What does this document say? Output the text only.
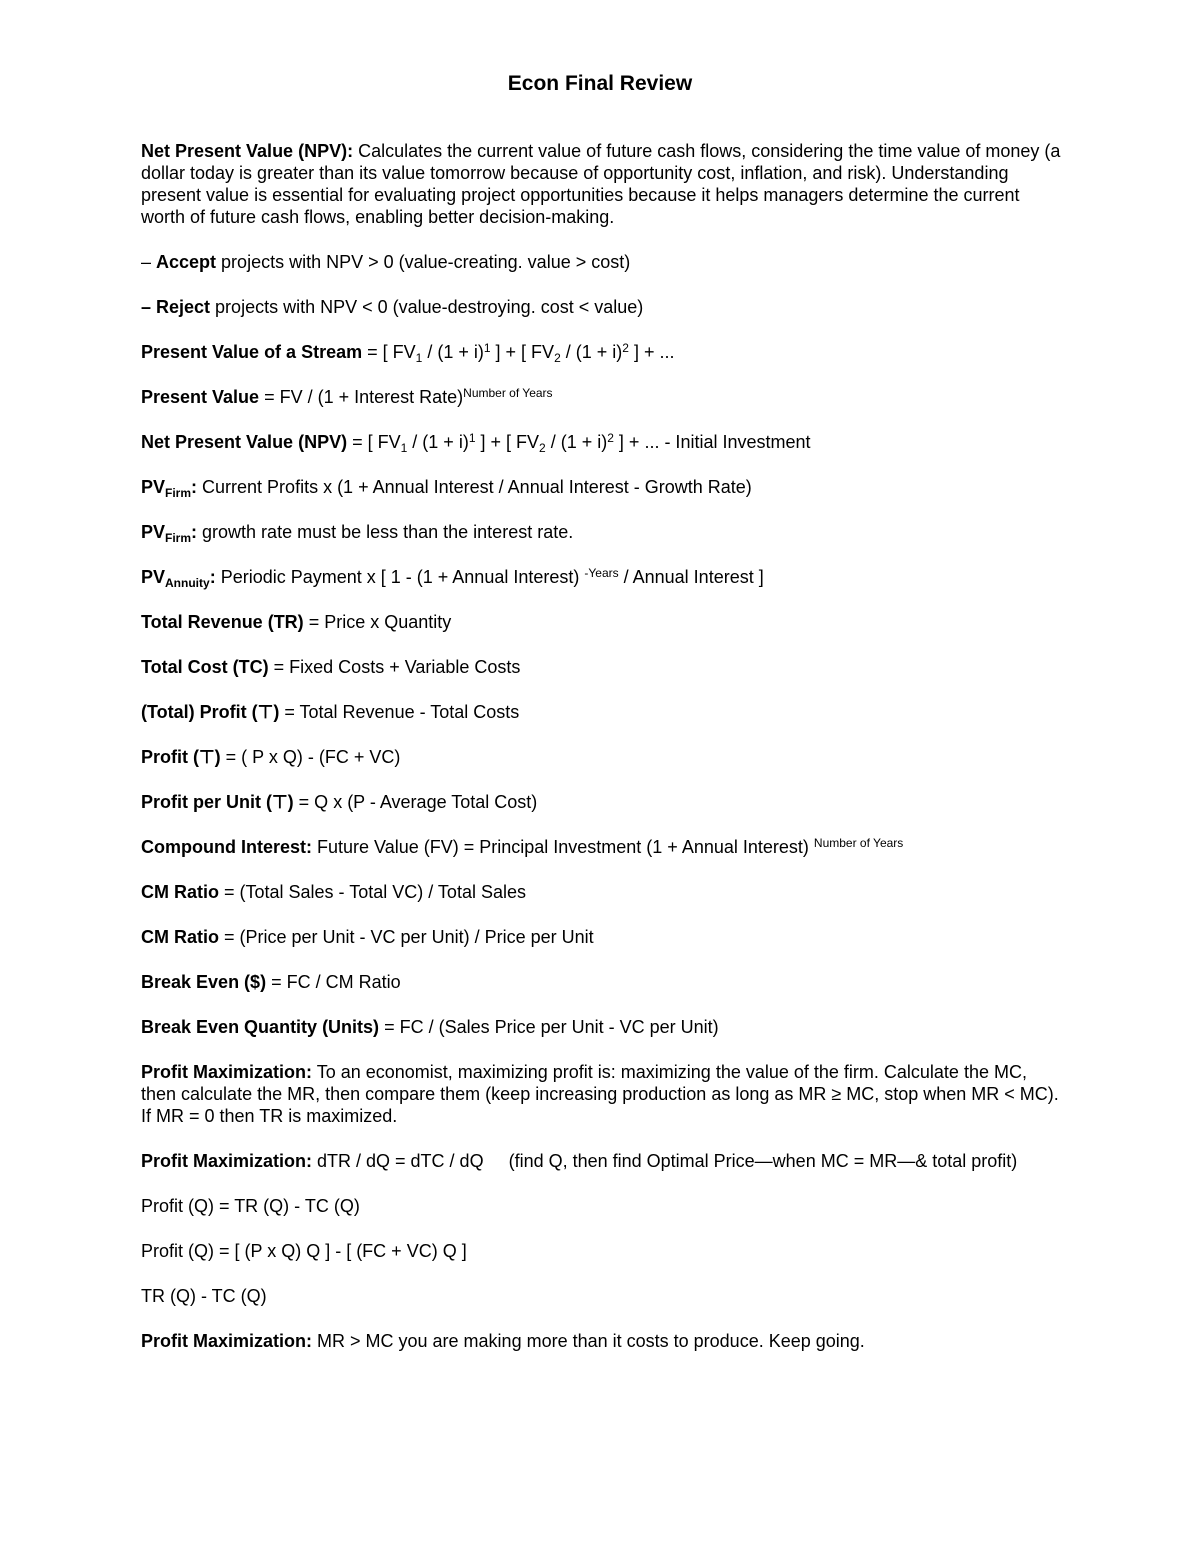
Econ Final Review

Net Present Value (NPV): Calculates the current value of future cash flows, considering the time value of money (a dollar today is greater than its value tomorrow because of opportunity cost, inflation, and risk). Understanding present value is essential for evaluating project opportunities because it helps managers determine the current worth of future cash flows, enabling better decision-making.

– Accept projects with NPV > 0 (value-creating. value > cost)

– Reject projects with NPV < 0 (value-destroying. cost < value)

Present Value of a Stream = [ $FV_1 / (1 + i)^1$ ] + [ $FV_2 / (1 + i)^2$ ] + ...

Present Value = FV / (1 + Interest Rate)$^{Number of Years}$

Net Present Value (NPV) = [ $FV_1 / (1 + i)^1$ ] + [ $FV_2 / (1 + i)^2$ ] + ... - Initial Investment

$PV_{Firm}$: Current Profits x (1 + Annual Interest / Annual Interest - Growth Rate)

$PV_{Firm}$: growth rate must be less than the interest rate.

$PV_{Annuity}$: Periodic Payment x [ 1 - (1 + Annual Interest) $^{-Years}$ / Annual Interest ]

Total Revenue (TR) = Price x Quantity

Total Cost (TC) = Fixed Costs + Variable Costs

(Total) Profit (⊤) = Total Revenue - Total Costs

Profit (⊤) = ( P x Q) - (FC + VC)

Profit per Unit (⊤) = Q x (P - Average Total Cost)

Compound Interest: Future Value (FV) = Principal Investment (1 + Annual Interest) $^{Number of Years}$

CM Ratio = (Total Sales - Total VC) / Total Sales

CM Ratio = (Price per Unit - VC per Unit) / Price per Unit

Break Even ($) = FC / CM Ratio

Break Even Quantity (Units) = FC / (Sales Price per Unit - VC per Unit)

Profit Maximization: To an economist, maximizing profit is: maximizing the value of the firm. Calculate the MC, then calculate the MR, then compare them (keep increasing production as long as MR ≥ MC, stop when MR < MC). If MR = 0 then TR is maximized.

Profit Maximization: dTR / dQ = dTC / dQ     (find Q, then find Optimal Price—when MC = MR—& total profit)

Profit (Q) = TR (Q) - TC (Q)

Profit (Q) = [ (P x Q) Q ] - [ (FC + VC) Q ]

TR (Q) - TC (Q)

Profit Maximization: MR > MC you are making more than it costs to produce. Keep going.
